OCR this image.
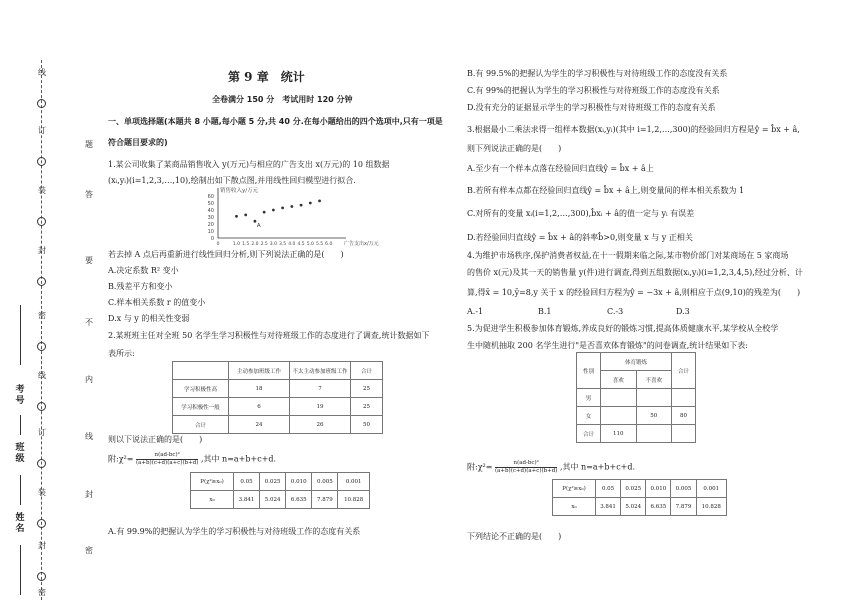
线
订
装
封
密
线
订
装
封
密
考号
班级
姓名
第 9 章　统计
全卷满分 150 分　考试用时 120 分钟
一、单项选择题(本题共 8 小题,每小题 5 分,共 40 分.在每小题给出的四个选项中,只有一项是
符合题目要求的)
1.某公司收集了某商品销售收入 y(万元)与相应的广告支出 x(万元)的 10 组数据
(xᵢ,yᵢ)(i=1,2,3,…,10),绘制出如下散点图,并用线性回归模型进行拟合.
销售收入y/万元
广告支出x/万元
0
10
20
30
40
50
60
0	1.0 1.5 2.0 2.5 3.0 3.5 4.0 4.5 5.0 5.5 6.0
A
若去掉 A 点后再重新进行线性回归分析,则下列说法正确的是(　　)
A.决定系数 R² 变小
B.残差平方和变小
C.样本相关系数 r 的值变小
D.x 与 y 的相关性变弱
2.某班班主任对全班 50 名学生学习积极性与对待班级工作的态度进行了调查,统计数据如下
表所示:
	主动参加班级工作	不太主动参加班级工作	合计
学习积极性高	18	7	25
学习积极性一般	6	19	25
合计	24	26	50
则以下说法正确的是(　　)
附:χ²= $\frac{\text{n(ad-bc)²}}{(a+b)(c+d)(a+c)(b+d)}$ ,其中 n=a+b+c+d.
P(χ²≥x₀)	0.05	0.025	0.010	0.005	0.001
x₀	3.841	5.024	6.635	7.879	10.828
A.有 99.9%的把握认为学生的学习积极性与对待班级工作的态度有关系
B.有 99.5%的把握认为学生的学习积极性与对待班级工作的态度没有关系
C.有 99%的把握认为学生的学习积极性与对待班级工作的态度没有关系
D.没有充分的证据显示学生的学习积极性与对待班级工作的态度有关系
3.根据最小二乘法求得一组样本数据(xᵢ,yᵢ)(其中 i=1,2,…,300)的经验回归方程是ŷ = b̂x + â,
则下列说法正确的是(　　)
A.至少有一个样本点落在经验回归直线ŷ = b̂x + â上
B.若所有样本点都在经验回归直线ŷ = b̂x + â上,则变量间的样本相关系数为 1
C.对所有的变量 xᵢ(i=1,2,…,300),b̂xᵢ + â的值一定与 yᵢ 有误差
D.若经验回归直线ŷ = b̂x + â的斜率b̂>0,则变量 x 与 y 正相关
4.为维护市场秩序,保护消费者权益,在十一假期来临之际,某市物价部门对某商场在 5 家商场
的售价 x(元)及其一天的销售量 y(件)进行调查,得到五组数据(xᵢ,yᵢ)(i=1,2,3,4,5),经过分析、计
算,得x̄ = 10,ȳ=8,y 关于 x 的经验回归方程为ŷ = −3x + â,则相应于点(9,10)的残差为(　　)
A.-1	B.1	C.-3	D.3
5.为促进学生积极参加体育锻炼,养成良好的锻炼习惯,提高体质健康水平,某学校从全校学
生中随机抽取 200 名学生进行"是否喜欢体育锻炼"的问卷调查,统计结果如下表:
性别	体育锻炼		合计
	喜欢	不喜欢	
男			
女		50	80
合计	110		
附:χ²= $\frac{\text{n(ad-bc)²}}{(a+b)(c+d)(a+c)(b+d)}$ ,其中 n=a+b+c+d.
P(χ²≥x₀)	0.05	0.025	0.010	0.005	0.001
x₀	3.841	5.024	6.635	7.879	10.828
下列结论不正确的是(　　)
题
答
要
不
内
线
封
密
